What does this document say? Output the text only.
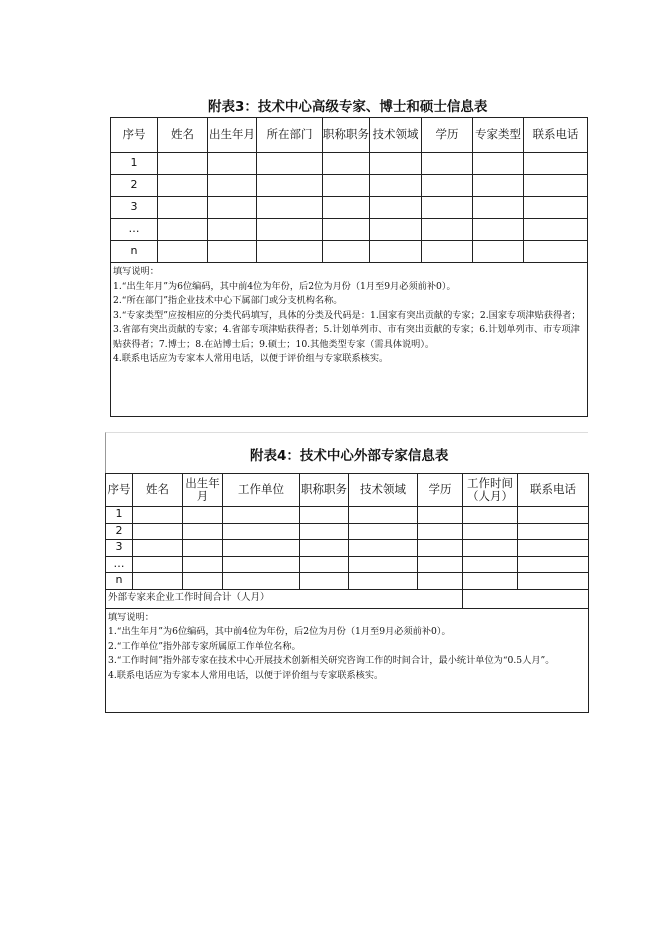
附表3：技术中心高级专家、博士和硕士信息表
序号	姓名	出生年月	所在部门	职称职务	技术领域	学历	专家类型	联系电话
1								
2								
3								
…								
n								

填写说明：
1.“出生年月”为6位编码，其中前4位为年份，后2位为月份（1月至9月必须前补0）。
2.“所在部门”指企业技术中心下属部门或分支机构名称。
3.“专家类型”应按相应的分类代码填写，具体的分类及代码是：1.国家有突出贡献的专家；2.国家专项津贴获得者；3.省部有突出贡献的专家；4.省部专项津贴获得者；5.计划单列市、市有突出贡献的专家；6.计划单列市、市专项津贴获得者；7.博士；8.在站博士后；9.硕士；10.其他类型专家（需具体说明）。
4.联系电话应为专家本人常用电话，以便于评价组与专家联系核实。								
附表4：技术中心外部专家信息表
序号	姓名	出生年月	工作单位	职称职务	技术领域	学历	工作时间（人月）	联系电话
1								
2								
3								
…								
n								
外部专家来企业工作时间合计（人月）								

填写说明：
1.“出生年月”为6位编码，其中前4位为年份，后2位为月份（1月至9月必须前补0）。
2.“工作单位”指外部专家所属原工作单位名称。
3.“工作时间”指外部专家在技术中心开展技术创新相关研究咨询工作的时间合计，最小统计单位为“0.5人月”。
4.联系电话应为专家本人常用电话，以便于评价组与专家联系核实。								
